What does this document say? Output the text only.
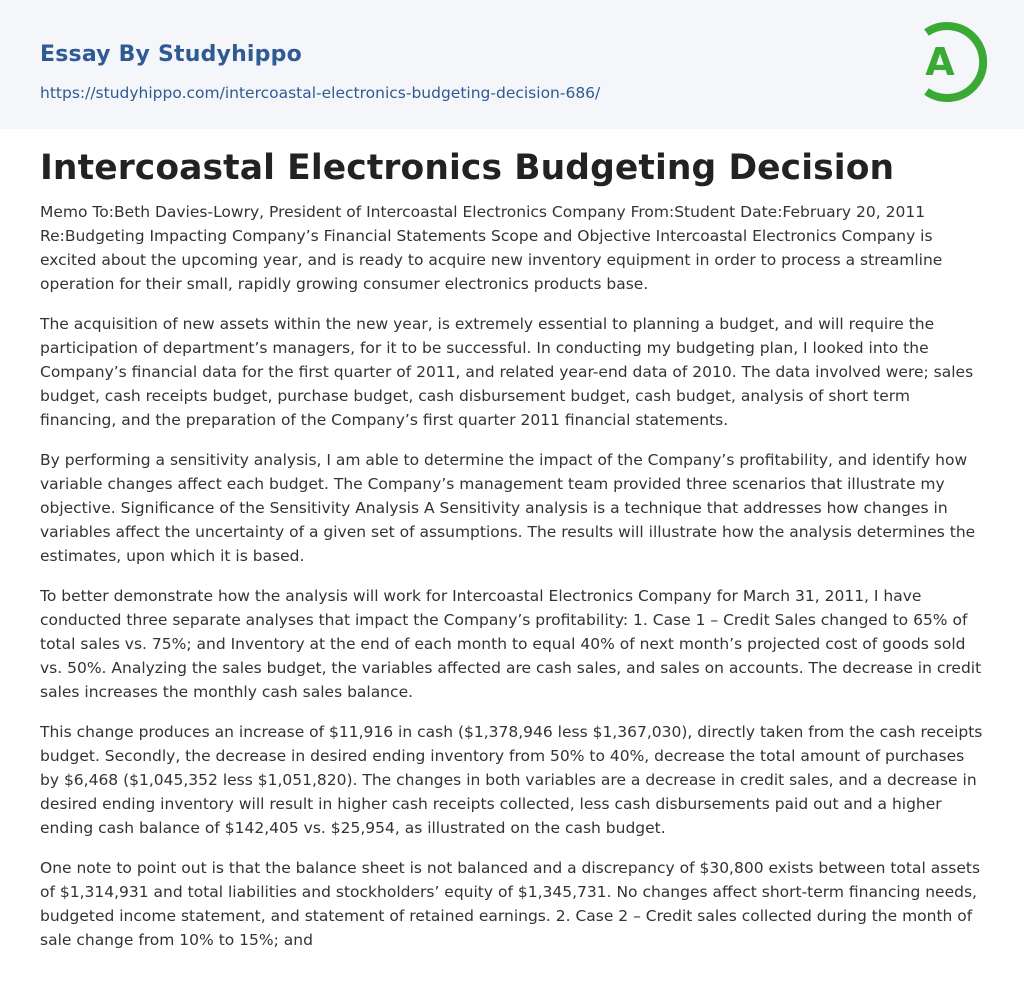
Essay By Studyhippo
https://studyhippo.com/intercoastal-electronics-budgeting-decision-686/
A
Intercoastal Electronics Budgeting Decision

Memo To:Beth Davies-Lowry, President of Intercoastal Electronics Company From:Student Date:February 20, 2011 Re:Budgeting Impacting Company’s Financial Statements Scope and Objective Intercoastal Electronics Company is excited about the upcoming year, and is ready to acquire new inventory equipment in order to process a streamline operation for their small, rapidly growing consumer electronics products base.

The acquisition of new assets within the new year, is extremely essential to planning a budget, and will require the participation of department’s managers, for it to be successful. In conducting my budgeting plan, I looked into the Company’s financial data for the first quarter of 2011, and related year-end data of 2010. The data involved were; sales budget, cash receipts budget, purchase budget, cash disbursement budget, cash budget, analysis of short term financing, and the preparation of the Company’s first quarter 2011 financial statements.

By performing a sensitivity analysis, I am able to determine the impact of the Company’s profitability, and identify how variable changes affect each budget. The Company’s management team provided three scenarios that illustrate my objective. Significance of the Sensitivity Analysis A Sensitivity analysis is a technique that addresses how changes in variables affect the uncertainty of a given set of assumptions. The results will illustrate how the analysis determines the estimates, upon which it is based.

To better demonstrate how the analysis will work for Intercoastal Electronics Company for March 31, 2011, I have conducted three separate analyses that impact the Company’s profitability: 1. Case 1 – Credit Sales changed to 65% of total sales vs. 75%; and Inventory at the end of each month to equal 40% of next month’s projected cost of goods sold vs. 50%. Analyzing the sales budget, the variables affected are cash sales, and sales on accounts. The decrease in credit sales increases the monthly cash sales balance.

This change produces an increase of $11,916 in cash ($1,378,946 less $1,367,030), directly taken from the cash receipts budget. Secondly, the decrease in desired ending inventory from 50% to 40%, decrease the total amount of purchases by $6,468 ($1,045,352 less $1,051,820). The changes in both variables are a decrease in credit sales, and a decrease in desired ending inventory will result in higher cash receipts collected, less cash disbursements paid out and a higher ending cash balance of $142,405 vs. $25,954, as illustrated on the cash budget.

One note to point out is that the balance sheet is not balanced and a discrepancy of $30,800 exists between total assets of $1,314,931 and total liabilities and stockholders’ equity of $1,345,731. No changes affect short-term financing needs, budgeted income statement, and statement of retained earnings. 2. Case 2 – Credit sales collected during the month of sale change from 10% to 15%; and
